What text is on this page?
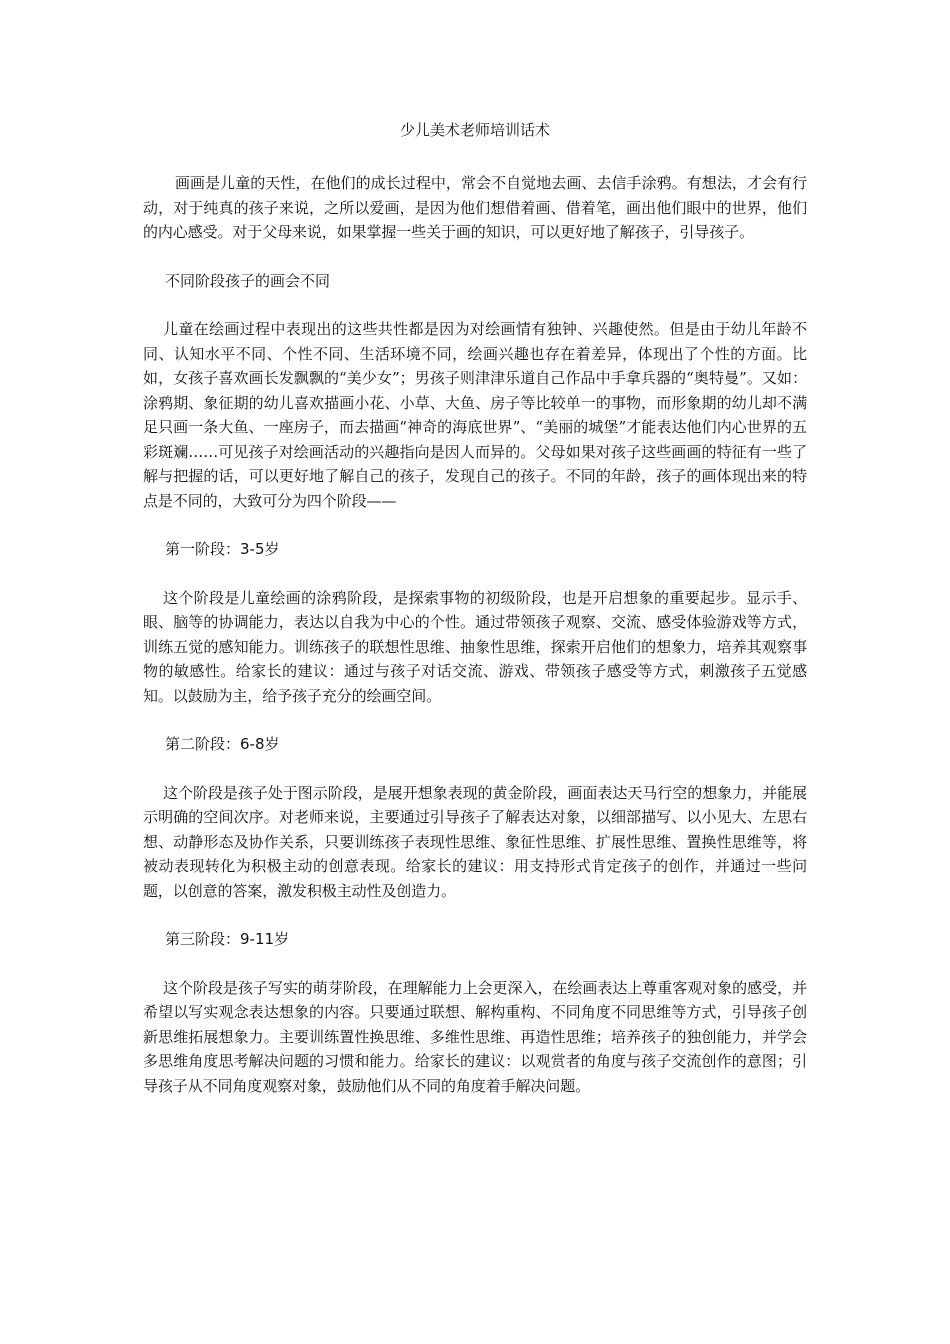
少儿美术老师培训话术

画画是儿童的天性，在他们的成长过程中，常会不自觉地去画、去信手涂鸦。有想法，才会有行动，对于纯真的孩子来说，之所以爱画，是因为他们想借着画、借着笔，画出他们眼中的世界，他们的内心感受。对于父母来说，如果掌握一些关于画的知识，可以更好地了解孩子，引导孩子。

不同阶段孩子的画会不同

儿童在绘画过程中表现出的这些共性都是因为对绘画情有独钟、兴趣使然。但是由于幼儿年龄不同、认知水平不同、个性不同、生活环境不同，绘画兴趣也存在着差异，体现出了个性的方面。比如，女孩子喜欢画长发飘飘的“美少女”；男孩子则津津乐道自己作品中手拿兵器的“奥特曼”。又如：涂鸦期、象征期的幼儿喜欢描画小花、小草、大鱼、房子等比较单一的事物，而形象期的幼儿却不满足只画一条大鱼、一座房子，而去描画“神奇的海底世界”、“美丽的城堡”才能表达他们内心世界的五彩斑斓……可见孩子对绘画活动的兴趣指向是因人而异的。父母如果对孩子这些画画的特征有一些了解与把握的话，可以更好地了解自己的孩子，发现自己的孩子。不同的年龄，孩子的画体现出来的特点是不同的，大致可分为四个阶段——

第一阶段：3-5岁

这个阶段是儿童绘画的涂鸦阶段，是探索事物的初级阶段，也是开启想象的重要起步。显示手、眼、脑等的协调能力，表达以自我为中心的个性。通过带领孩子观察、交流、感受体验游戏等方式，训练五觉的感知能力。训练孩子的联想性思维、抽象性思维，探索开启他们的想象力，培养其观察事物的敏感性。给家长的建议：通过与孩子对话交流、游戏、带领孩子感受等方式，刺激孩子五觉感知。以鼓励为主，给予孩子充分的绘画空间。

第二阶段：6-8岁

这个阶段是孩子处于图示阶段，是展开想象表现的黄金阶段，画面表达天马行空的想象力，并能展示明确的空间次序。对老师来说，主要通过引导孩子了解表达对象，以细部描写、以小见大、左思右想、动静形态及协作关系，只要训练孩子表现性思维、象征性思维、扩展性思维、置换性思维等，将被动表现转化为积极主动的创意表现。给家长的建议：用支持形式肯定孩子的创作，并通过一些问题，以创意的答案，激发积极主动性及创造力。

第三阶段：9-11岁

这个阶段是孩子写实的萌芽阶段，在理解能力上会更深入，在绘画表达上尊重客观对象的感受，并希望以写实观念表达想象的内容。只要通过联想、解构重构、不同角度不同思维等方式，引导孩子创新思维拓展想象力。主要训练置性换思维、多维性思维、再造性思维；培养孩子的独创能力，并学会多思维角度思考解决问题的习惯和能力。给家长的建议：以观赏者的角度与孩子交流创作的意图；引导孩子从不同角度观察对象，鼓励他们从不同的角度着手解决问题。
